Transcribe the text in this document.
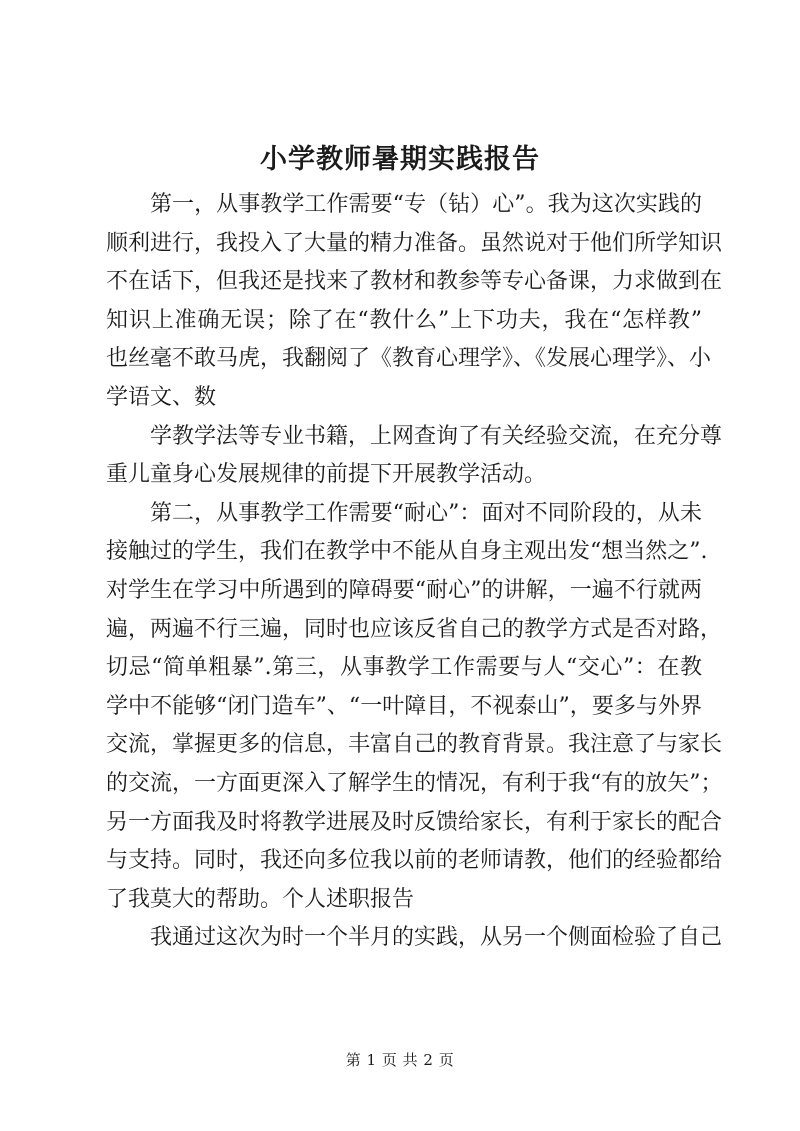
小学教师暑期实践报告
第一，从事教学工作需要“专（钻）心”。我为这次实践的
顺利进行，我投入了大量的精力准备。虽然说对于他们所学知识
不在话下，但我还是找来了教材和教参等专心备课，力求做到在
知识上准确无误；除了在“教什么”上下功夫，我在“怎样教”
也丝毫不敢马虎，我翻阅了《教育心理学》、《发展心理学》、小
学语文、数
学教学法等专业书籍，上网查询了有关经验交流，在充分尊
重儿童身心发展规律的前提下开展教学活动。
第二，从事教学工作需要“耐心”：面对不同阶段的，从未
接触过的学生，我们在教学中不能从自身主观出发“想当然之”.
对学生在学习中所遇到的障碍要“耐心”的讲解，一遍不行就两
遍，两遍不行三遍，同时也应该反省自己的教学方式是否对路，
切忌“简单粗暴”.第三，从事教学工作需要与人“交心”：在教
学中不能够“闭门造车”、“一叶障目，不视泰山”，要多与外界
交流，掌握更多的信息，丰富自己的教育背景。我注意了与家长
的交流，一方面更深入了解学生的情况，有利于我“有的放矢”；
另一方面我及时将教学进展及时反馈给家长，有利于家长的配合
与支持。同时，我还向多位我以前的老师请教，他们的经验都给
了我莫大的帮助。个人述职报告
我通过这次为时一个半月的实践，从另一个侧面检验了自己
第 1 页 共 2 页
